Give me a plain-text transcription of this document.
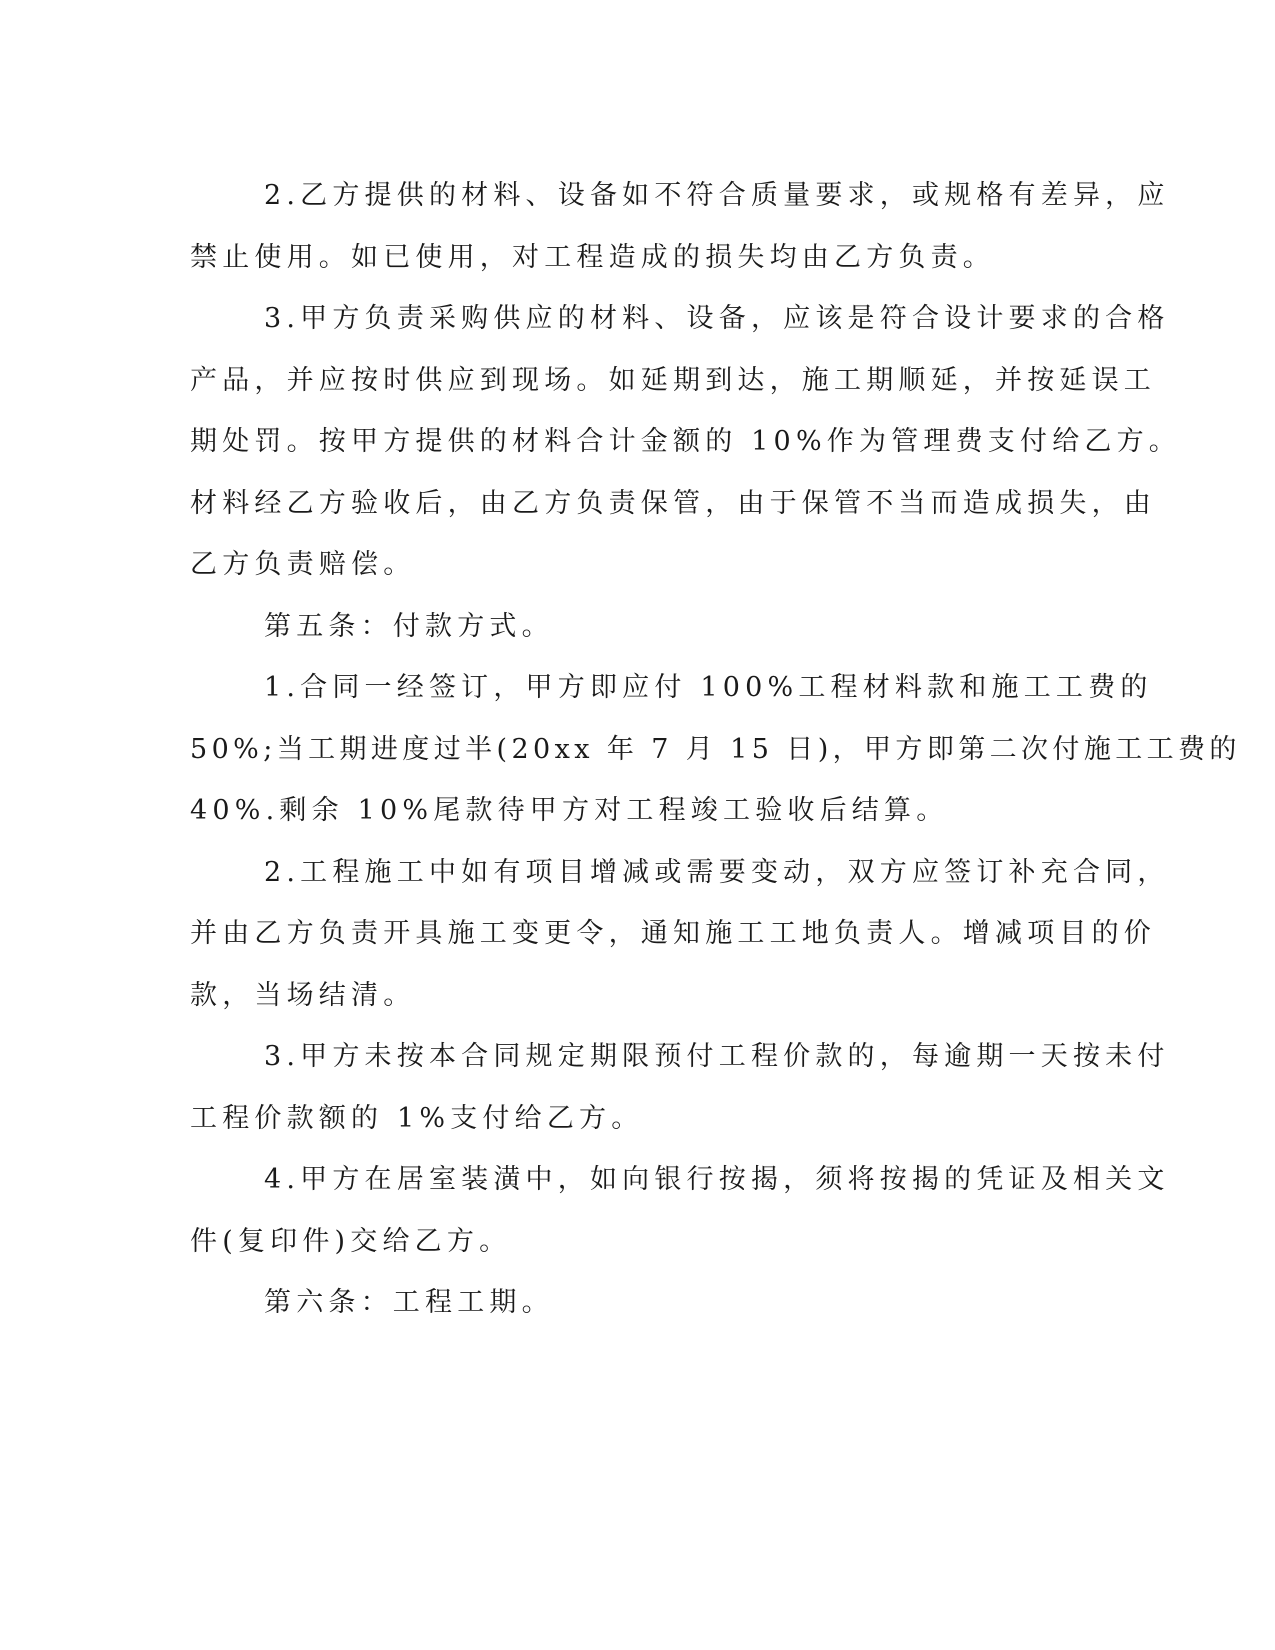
2.乙方提供的材料、设备如不符合质量要求，或规格有差异，应
禁止使用。如已使用，对工程造成的损失均由乙方负责。
3.甲方负责采购供应的材料、设备，应该是符合设计要求的合格
产品，并应按时供应到现场。如延期到达，施工期顺延，并按延误工
期处罚。按甲方提供的材料合计金额的 10%作为管理费支付给乙方。
材料经乙方验收后，由乙方负责保管，由于保管不当而造成损失，由
乙方负责赔偿。
第五条：付款方式。
1.合同一经签订，甲方即应付 100%工程材料款和施工工费的
50%;当工期进度过半(20xx 年 7 月 15 日)，甲方即第二次付施工工费的
40%.剩余 10%尾款待甲方对工程竣工验收后结算。
2.工程施工中如有项目增减或需要变动，双方应签订补充合同，
并由乙方负责开具施工变更令，通知施工工地负责人。增减项目的价
款，当场结清。
3.甲方未按本合同规定期限预付工程价款的，每逾期一天按未付
工程价款额的 1%支付给乙方。
4.甲方在居室装潢中，如向银行按揭，须将按揭的凭证及相关文
件(复印件)交给乙方。
第六条：工程工期。
